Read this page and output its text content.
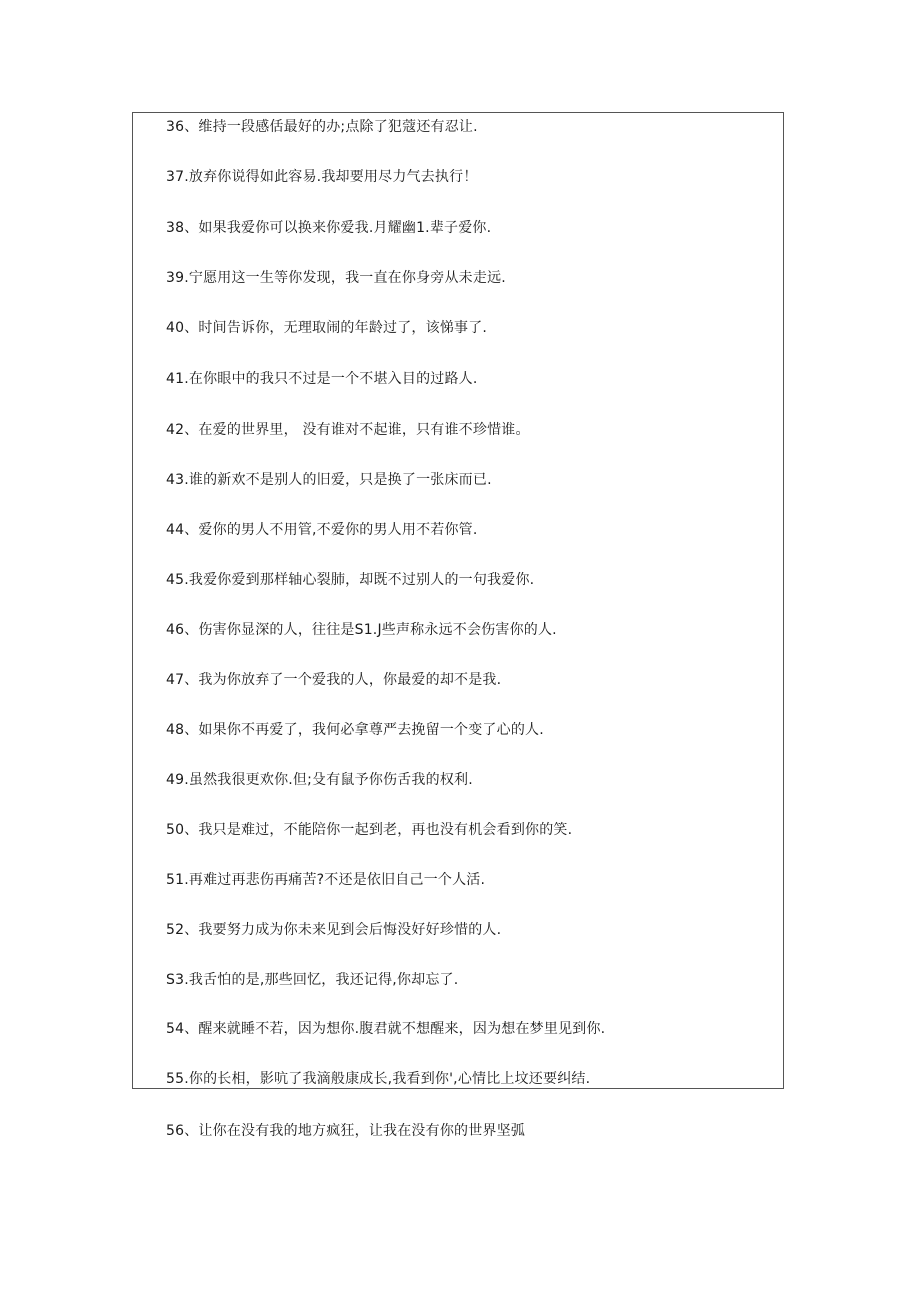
36、维持一段感佸最好的办;点除了犯蔻还有忍让.
37.放弃你说得如此容易.我却要用尽力气去执行！
38、如果我爱你可以换来你爱我.月耀幽1.辈子爱你.
39.宁愿用这一生等你发现，我一直在你身旁从未走远.
40、时间告诉你，无理取闹的年龄过了，该悌事了.
41.在你眼中的我只不过是一个不堪入目的过路人.
42、在爱的世界里， 没有谁对不起谁，只有谁不珍惜谁。
43.谁的新欢不是别人的旧爱，只是换了一张床而已.
44、爱你的男人不用管,不爱你的男人用不若你管.
45.我爱你爱到那样轴心裂肺，却既不过别人的一句我爱你.
46、伤害你显深的人，往往是S1.J些声称永远不会伤害你的人.
47、我为你放弃了一个爱我的人，你最爱的却不是我.
48、如果你不再爱了，我何必拿尊严去挽留一个变了心的人.
49.虽然我很更欢你.但;殳有鼠予你伤舌我的权利.
50、我只是难过，不能陪你一起到老，再也没有机会看到你的笑.
51.再难过再悲伤再痛苦?不还是依旧自己一个人活.
52、我要努力成为你未来见到会后悔没好好珍惜的人.
S3.我舌怕的是,那些回忆，我还记得,你却忘了.
54、醒来就睡不若，因为想你.腹君就不想醒来，因为想在梦里见到你.
55.你的长相，影吭了我滴般康成长,我看到你',心情比上坟还要纠结.
56、让你在没有我的地方疯狂，让我在没有你的世界坚弧
